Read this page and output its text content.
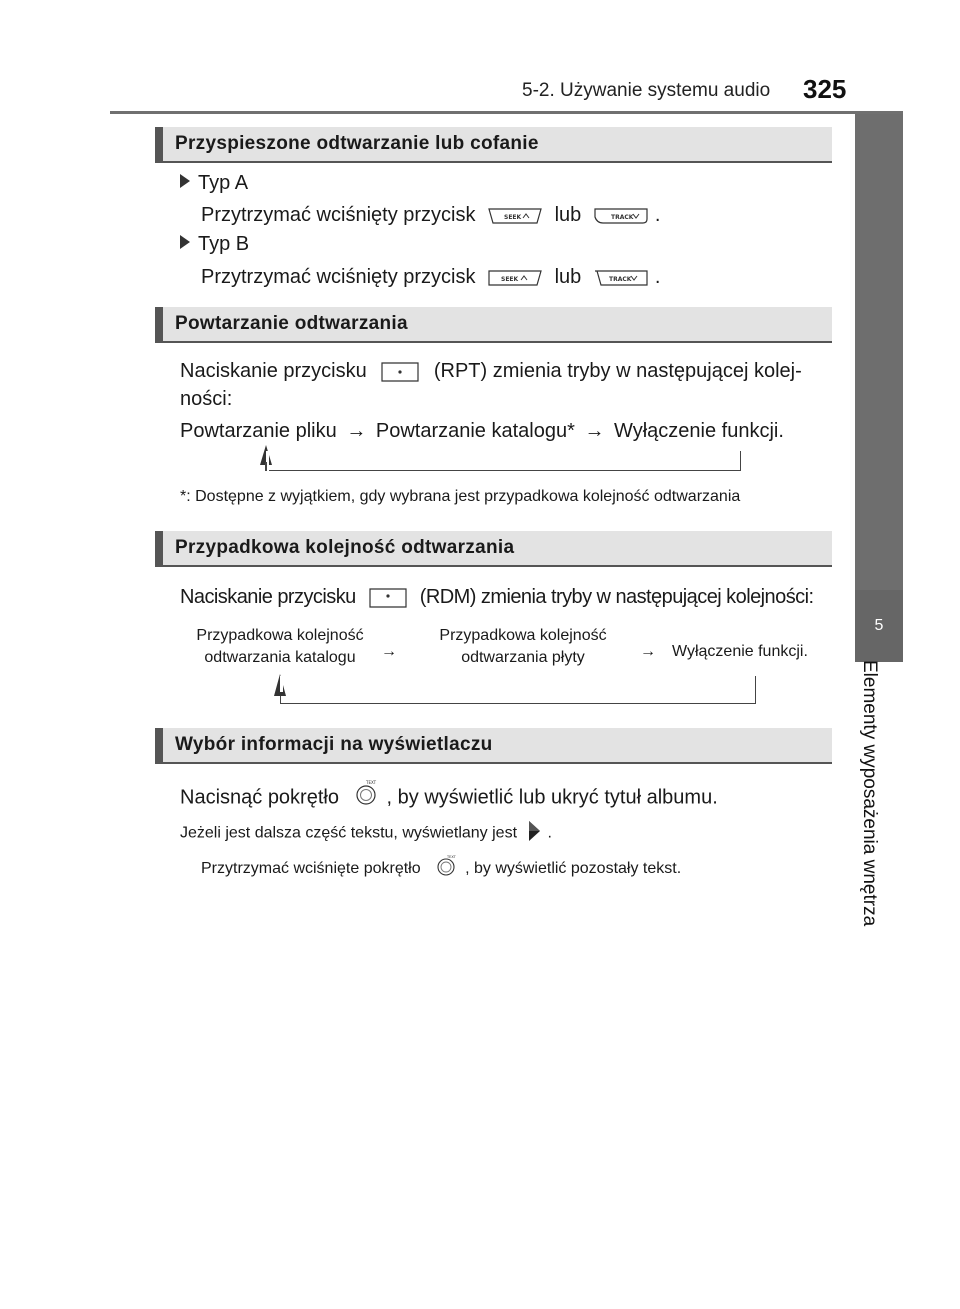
5-2. Używanie systemu audio 325
5
Elementy wyposażenia wnętrza
Przyspieszone odtwarzanie lub cofanie
Typ A
Przytrzymać wciśnięty przycisk	SEEK lub	TRACK .
Typ B
Przytrzymać wciśnięty przycisk	SEEK lub	TRACK .
Powtarzanie odtwarzania
Naciskanie przycisku	(RPT) zmienia tryby w następującej kolej-
ności:
Powtarzanie pliku → Powtarzanie katalogu* → Wyłączenie funkcji.
*: Dostępne z wyjątkiem, gdy wybrana jest przypadkowa kolejność odtwarzania
Przypadkowa kolejność odtwarzania
Naciskanie przycisku	(RDM) zmienia tryby w następującej kolejności:
Przypadkowa kolejność
odtwarzania katalogu	→
Przypadkowa kolejność
odtwarzania płyty	→ Wyłączenie funkcji.
Wybór informacji na wyświetlaczu
Nacisnąć pokrętło
TEXT
, by wyświetlić lub ukryć tytuł albumu.
Jeżeli jest dalsza część tekstu, wyświetlany jest .
Przytrzymać wciśnięte pokrętło
TEXT
, by wyświetlić pozostały tekst.
